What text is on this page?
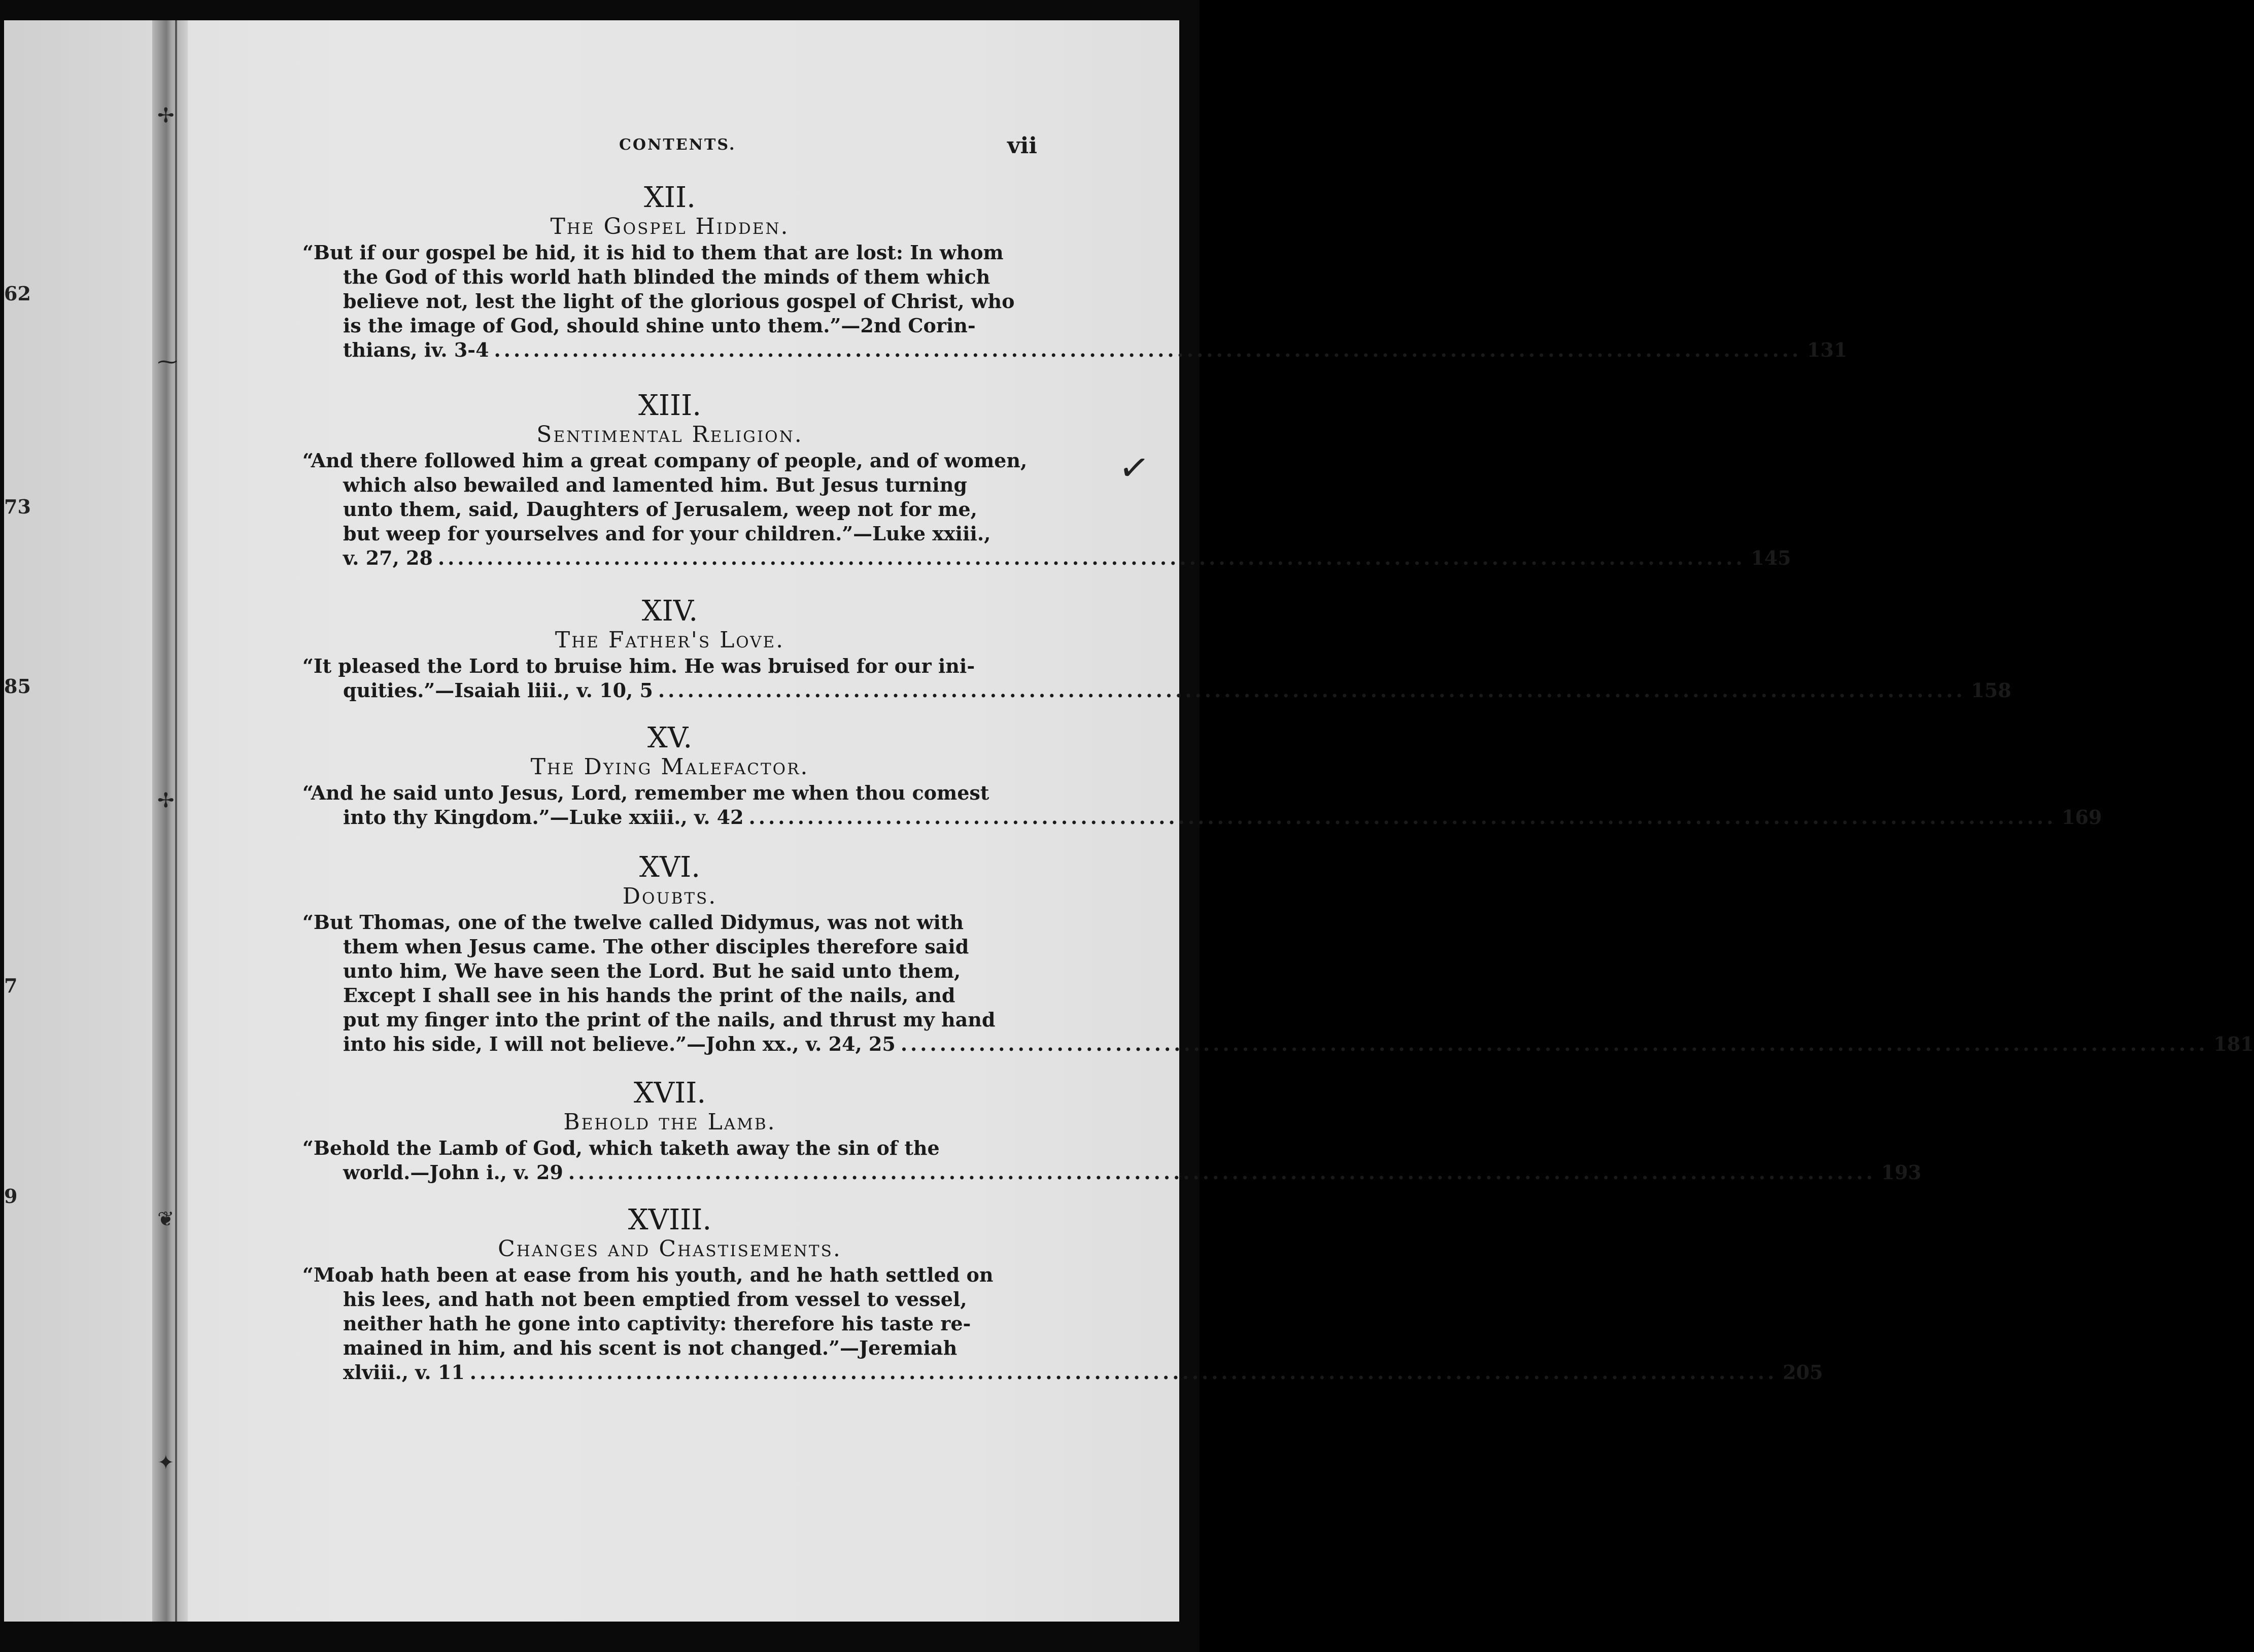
✢
⁓
✢
❦
✦
62
73
85
7
9
✓
CONTENTS.	vii
XII.
The Gospel Hidden.
“But if our gospel be hid, it is hid to them that are lost: In whom
the God of this world hath blinded the minds of them which
believe not, lest the light of the glorious gospel of Christ, who
is the image of God, should shine unto them.”—2nd Corin-
thians, iv. 3-4 ...................................................................................................................................... 131
XIII.
Sentimental Religion.
“And there followed him a great company of people, and of women,
which also bewailed and lamented him. But Jesus turning
unto them, said, Daughters of Jerusalem, weep not for me,
but weep for yourselves and for your children.”—Luke xxiii.,
v. 27, 28 ...................................................................................................................................... 145
XIV.
The Father's Love.
“It pleased the Lord to bruise him. He was bruised for our ini-
quities.”—Isaiah liii., v. 10, 5 ...................................................................................................................................... 158
XV.
The Dying Malefactor.
“And he said unto Jesus, Lord, remember me when thou comest
into thy Kingdom.”—Luke xxiii., v. 42 ...................................................................................................................................... 169
XVI.
Doubts.
“But Thomas, one of the twelve called Didymus, was not with
them when Jesus came. The other disciples therefore said
unto him, We have seen the Lord. But he said unto them,
Except I shall see in his hands the print of the nails, and
put my finger into the print of the nails, and thrust my hand
into his side, I will not believe.”—John xx., v. 24, 25 ...................................................................................................................................... 181
XVII.
Behold the Lamb.
“Behold the Lamb of God, which taketh away the sin of the
world.—John i., v. 29 ...................................................................................................................................... 193
XVIII.
Changes and Chastisements.
“Moab hath been at ease from his youth, and he hath settled on
his lees, and hath not been emptied from vessel to vessel,
neither hath he gone into captivity: therefore his taste re-
mained in him, and his scent is not changed.”—Jeremiah
xlviii., v. 11 ...................................................................................................................................... 205
